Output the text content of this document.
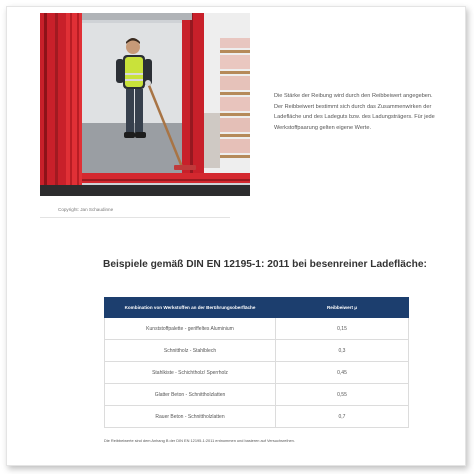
Copyright: Jan Schaudinne

Die Stärke der Reibung wird durch den Reibbeiwert angegeben. Der Reibbeiwert bestimmt sich durch das Zusammenwirken der Ladefläche und des Ladeguts bzw. des Ladungsträgers. Für jede Werkstoffpaarung gelten eigene Werte.

Beispiele gemäß DIN EN 12195-1: 2011 bei besenreiner Ladefläche:
Kombination von Werkstoffen an der Berührungsoberfläche	Reibbeiwert μ
Kunststoffpalette - geriffeltes Aluminium	0,15
Schnittholz - Stahlblech	0,3
Stahlkiste - Schichtholz/ Sperrholz	0,45
Glatter Beton - Schnittholzlatten	0,55
Rauer Beton - Schnittholzlatten	0,7

Die Reibbeiwerte sind dem Anhang B der DIN EN 12195-1:2011 entnommen und basieren auf Versuchsreihen.
